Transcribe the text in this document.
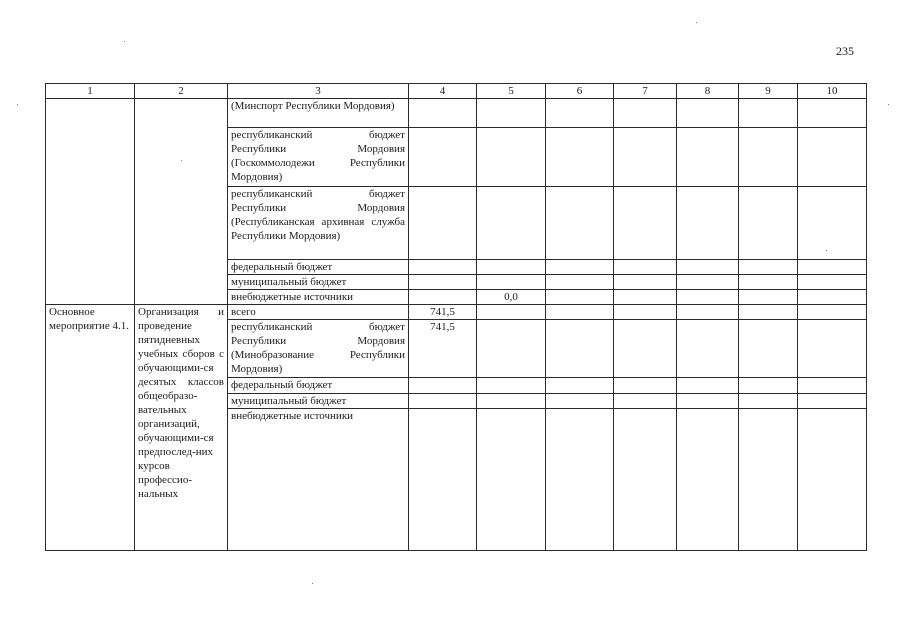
235
1	2	3	4	5	6	7	8	9	10
		(Минспорт Республики Мордовия)							
		республиканский бюджет Республики Мордовия (Госкоммолодежи Республики Мордовия)							
		республиканский бюджет Республики Мордовия (Республиканская архивная служба Республики Мордовия)							
		федеральный бюджет							
		муниципальный бюджет							
		внебюджетные источники		0,0					
Основное мероприятие 4.1.	Организация и проведение пятидневных учебных сборов с обучающими-ся десятых классов общеобразо-вательных организаций, обучающими-ся предпослед-них курсов профессио-нальных	всего	741,5						
		республиканский бюджет Республики Мордовия (Минобразование Республики Мордовия)	741,5						
		федеральный бюджет							
		муниципальный бюджет							
		внебюджетные источники							
